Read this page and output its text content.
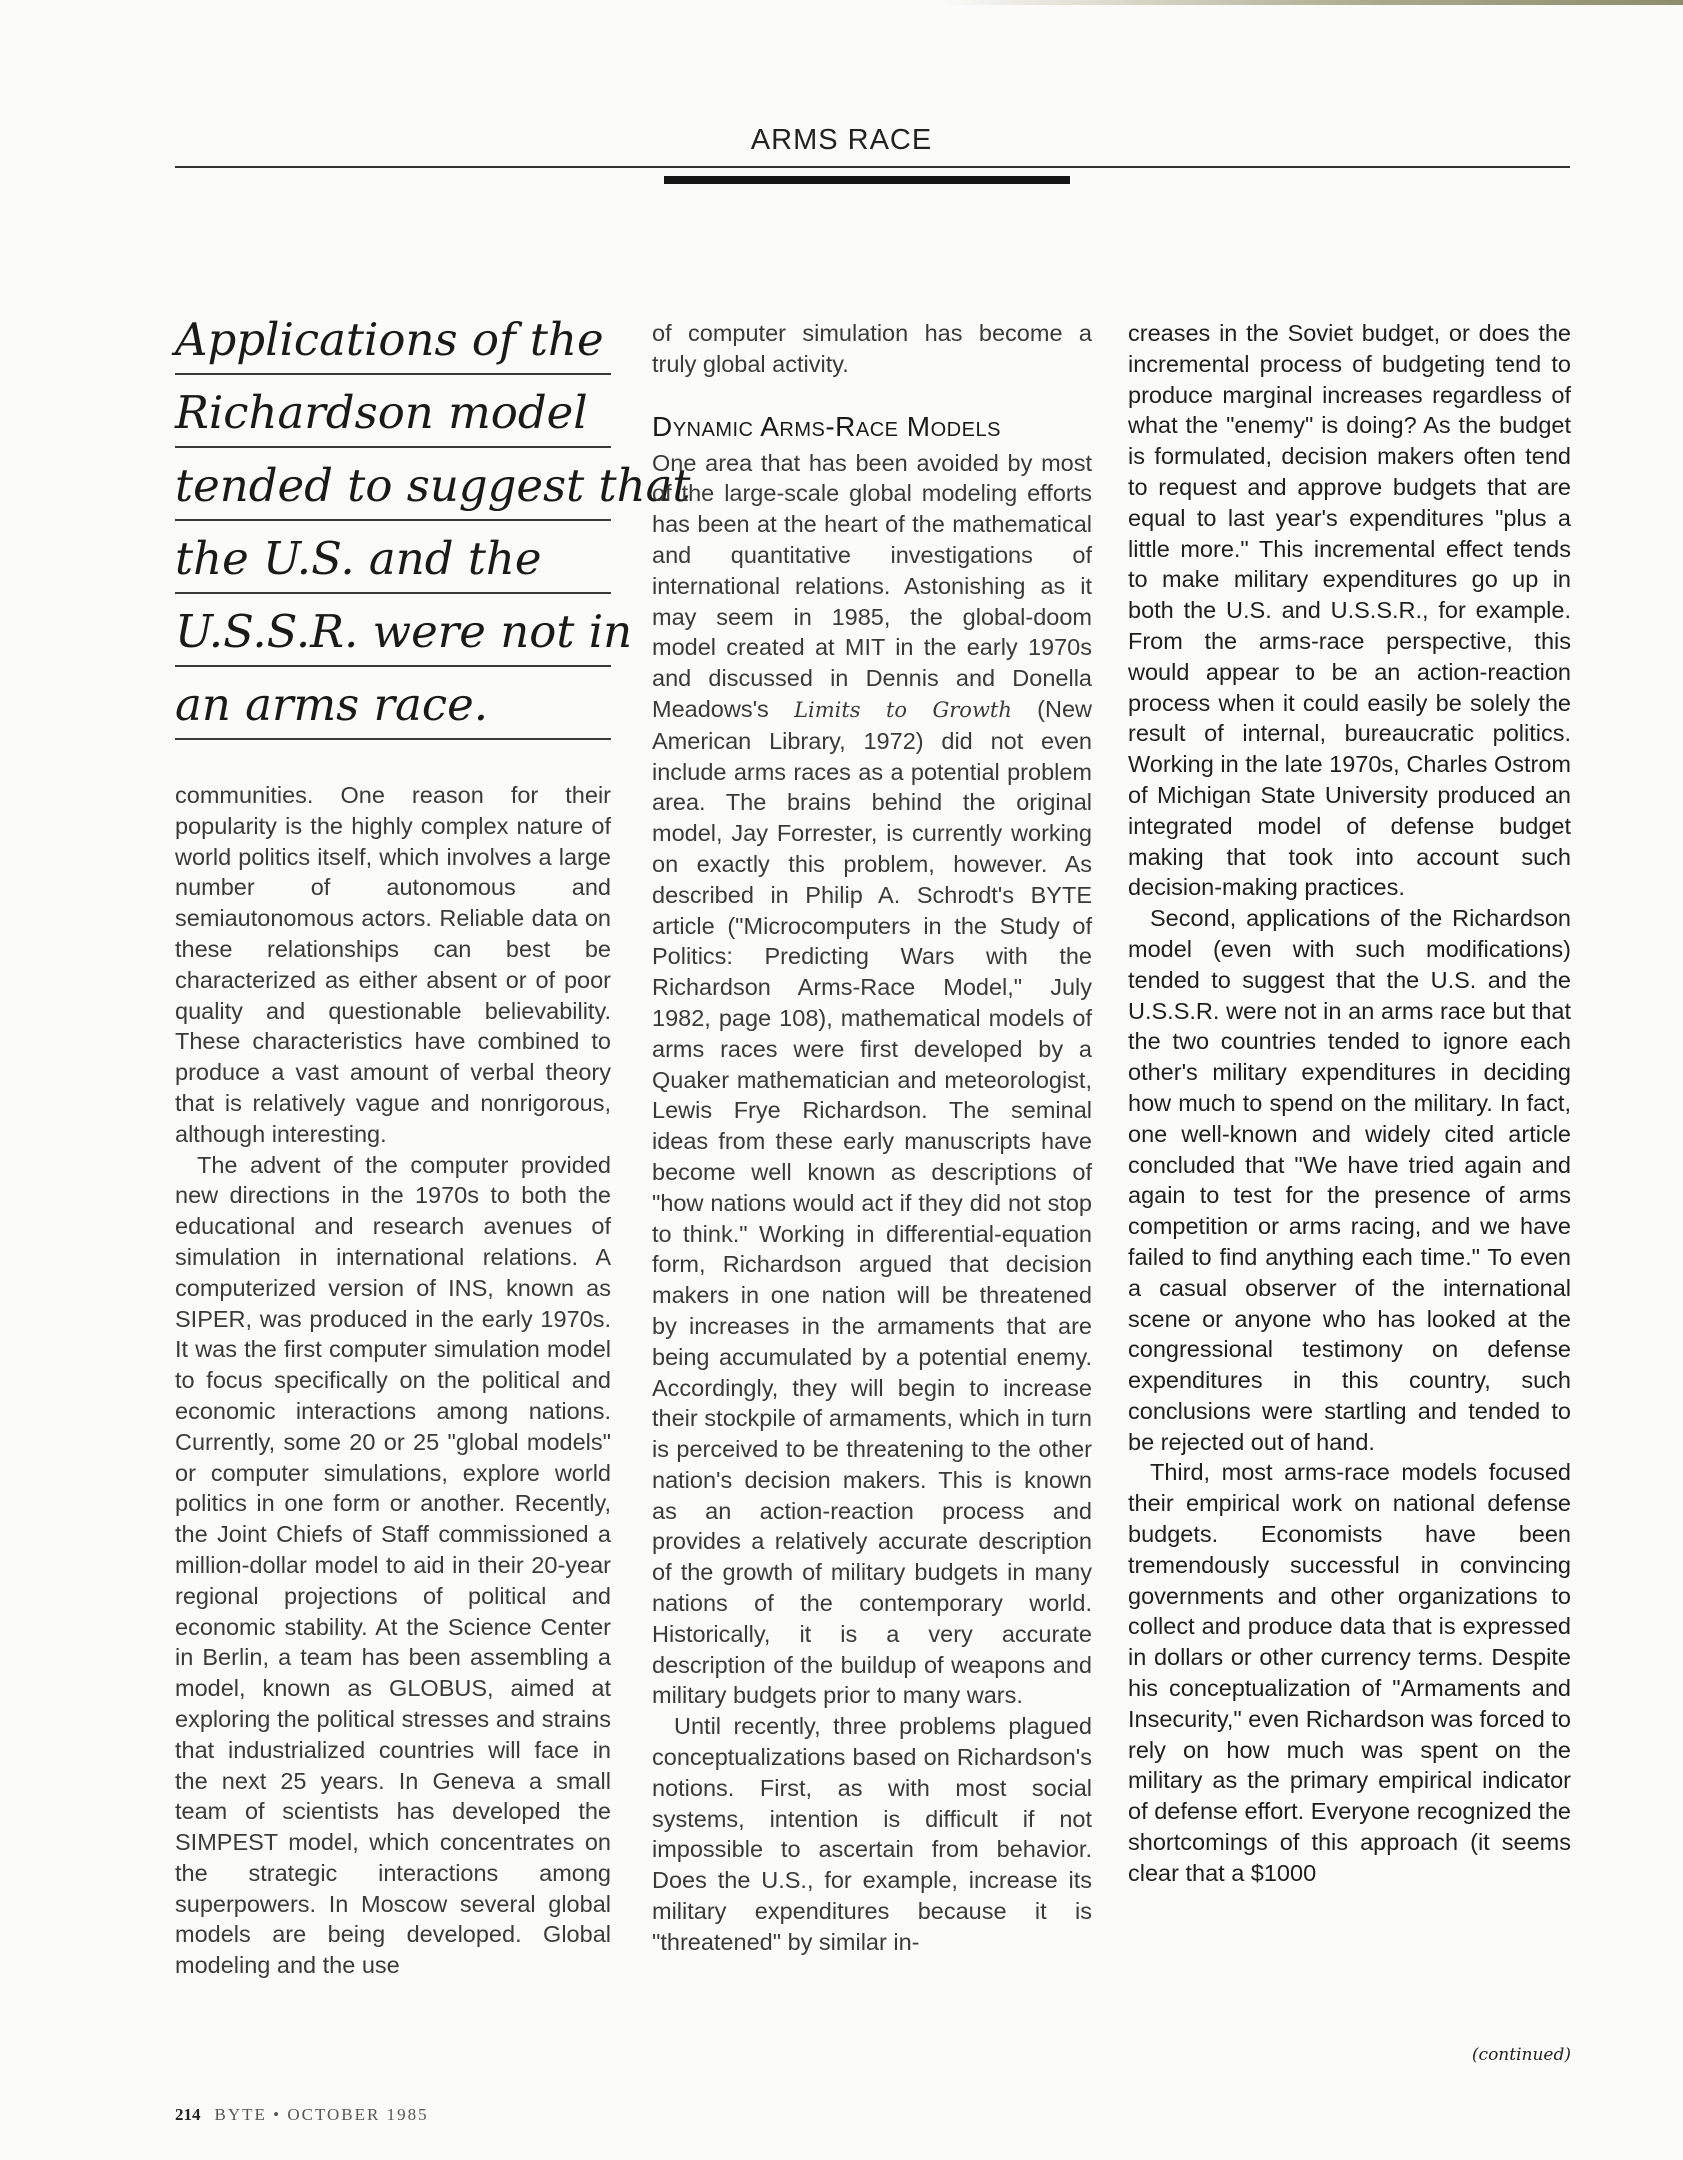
ARMS RACE
Applications of the
Richardson model
tended to suggest that
the U.S. and the
U.S.S.R. were not in
an arms race.

communities. One reason for their popularity is the highly complex nature of world politics itself, which involves a large number of autonomous and semiautonomous actors. Reliable data on these relationships can best be characterized as either absent or of poor quality and questionable believability. These characteristics have combined to produce a vast amount of verbal theory that is relatively vague and nonrigorous, although interesting.

The advent of the computer provided new directions in the 1970s to both the educational and research avenues of simulation in international relations. A computerized version of INS, known as SIPER, was produced in the early 1970s. It was the first computer simulation model to focus specifically on the political and economic interactions among nations. Currently, some 20 or 25 "global models" or computer simulations, explore world politics in one form or another. Recently, the Joint Chiefs of Staff commissioned a million-dollar model to aid in their 20-year regional projections of political and economic stability. At the Science Center in Berlin, a team has been assembling a model, known as GLOBUS, aimed at exploring the political stresses and strains that industrialized countries will face in the next 25 years. In Geneva a small team of scientists has developed the SIMPEST model, which concentrates on the strategic interactions among superpowers. In Moscow several global models are being developed. Global modeling and the use

of computer simulation has become a truly global activity.

Dynamic Arms-Race Models

One area that has been avoided by most of the large-scale global modeling efforts has been at the heart of the mathematical and quantitative investigations of international relations. Astonishing as it may seem in 1985, the global-doom model created at MIT in the early 1970s and discussed in Dennis and Donella Meadows's Limits to Growth (New American Library, 1972) did not even include arms races as a potential problem area. The brains behind the original model, Jay Forrester, is currently working on exactly this problem, however. As described in Philip A. Schrodt's BYTE article ("Microcomputers in the Study of Politics: Predicting Wars with the Richardson Arms-Race Model," July 1982, page 108), mathematical models of arms races were first developed by a Quaker mathematician and meteorologist, Lewis Frye Richardson. The seminal ideas from these early manuscripts have become well known as descriptions of "how nations would act if they did not stop to think." Working in differential-equation form, Richardson argued that decision makers in one nation will be threatened by increases in the armaments that are being accumulated by a potential enemy. Accordingly, they will begin to increase their stockpile of armaments, which in turn is perceived to be threatening to the other nation's decision makers. This is known as an action-reaction process and provides a relatively accurate description of the growth of military budgets in many nations of the contemporary world. Historically, it is a very accurate description of the buildup of weapons and military budgets prior to many wars.

Until recently, three problems plagued conceptualizations based on Richardson's notions. First, as with most social systems, intention is difficult if not impossible to ascertain from behavior. Does the U.S., for example, increase its military expenditures because it is "threatened" by similar in-

creases in the Soviet budget, or does the incremental process of budgeting tend to produce marginal increases regardless of what the "enemy" is doing? As the budget is formulated, decision makers often tend to request and approve budgets that are equal to last year's expenditures "plus a little more." This incremental effect tends to make military expenditures go up in both the U.S. and U.S.S.R., for example. From the arms-race perspective, this would appear to be an action-reaction process when it could easily be solely the result of internal, bureaucratic politics. Working in the late 1970s, Charles Ostrom of Michigan State University produced an integrated model of defense budget making that took into account such decision-making practices.

Second, applications of the Richardson model (even with such modifications) tended to suggest that the U.S. and the U.S.S.R. were not in an arms race but that the two countries tended to ignore each other's military expenditures in deciding how much to spend on the military. In fact, one well-known and widely cited article concluded that "We have tried again and again to test for the presence of arms competition or arms racing, and we have failed to find anything each time." To even a casual observer of the international scene or anyone who has looked at the congressional testimony on defense expenditures in this country, such conclusions were startling and tended to be rejected out of hand.

Third, most arms-race models focused their empirical work on national defense budgets. Economists have been tremendously successful in convincing governments and other organizations to collect and produce data that is expressed in dollars or other currency terms. Despite his conceptualization of "Armaments and Insecurity," even Richardson was forced to rely on how much was spent on the military as the primary empirical indicator of defense effort. Everyone recognized the shortcomings of this approach (it seems clear that a $1000

(continued)
214 BYTE • OCTOBER 1985
